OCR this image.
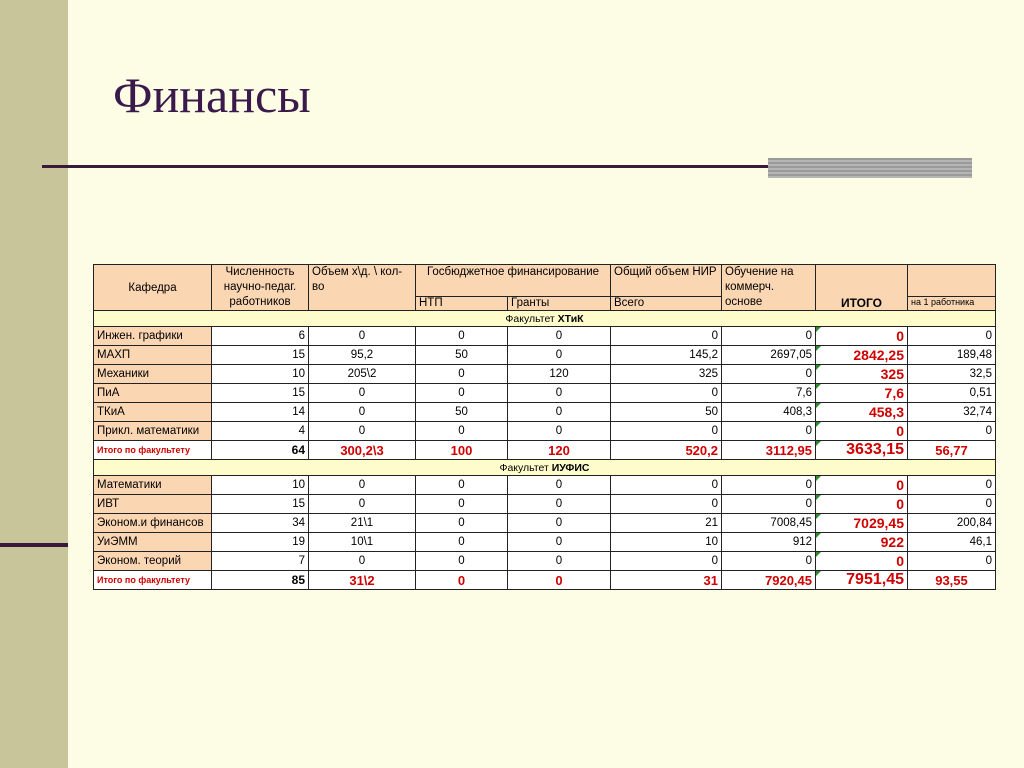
Финансы
Кафедра	Численность научно-педаг. работников	Объем х\д. \ кол-во	Госбюджетное финансирование		Общий объем НИР	Обучение на коммерч. основе	ИТОГО	
			НТП	Гранты	Всего			на 1 работника
Факультет ХТиК								
Инжен. графики	6	0	0	0	0	0	0	0
МАХП	15	95,2	50	0	145,2	2697,05	2842,25	189,48
Механики	10	205\2	0	120	325	0	325	32,5
ПиА	15	0	0	0	0	7,6	7,6	0,51
ТКиА	14	0	50	0	50	408,3	458,3	32,74
Прикл. математики	4	0	0	0	0	0	0	0
Итого по факультету	64	300,2\3	100	120	520,2	3112,95	3633,15	56,77
Факультет ИУФИС								
Математики	10	0	0	0	0	0	0	0
ИВТ	15	0	0	0	0	0	0	0
Эконом.и финансов	34	21\1	0	0	21	7008,45	7029,45	200,84
УиЭММ	19	10\1	0	0	10	912	922	46,1
Эконом. теорий	7	0	0	0	0	0	0	0
Итого по факультету	85	31\2	0	0	31	7920,45	7951,45	93,55
